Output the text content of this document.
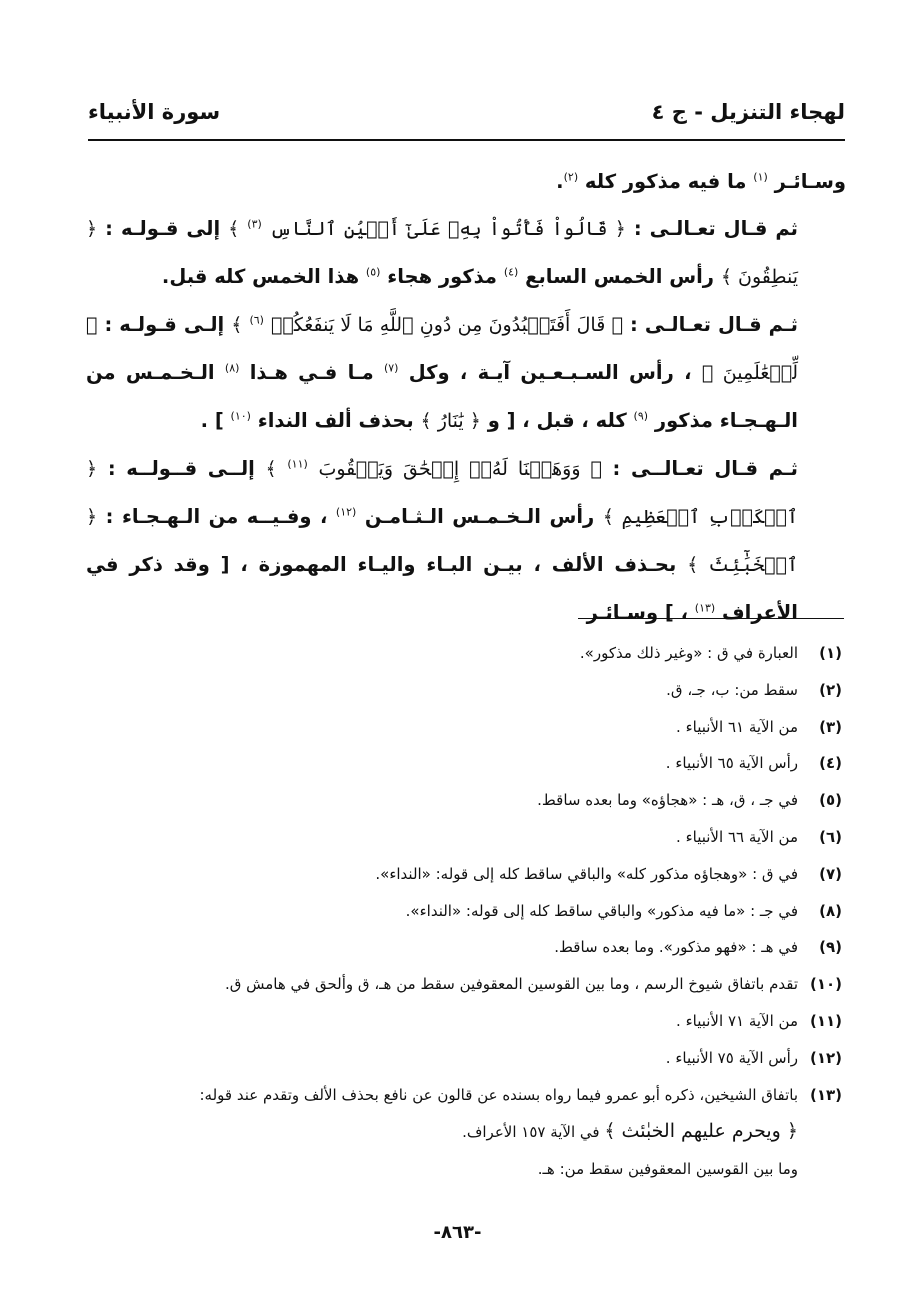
لهجاء التنزيل - ج ٤
سورة الأنبياء

وسـائـر $^{(١)}$ ما فيه مذكور كله $^{(٢)}$.

ثم قـال تعـالـى : ﴿ قَالُواْ فَأْتُواْ بِهِۦ عَلَىٰٓ أَعۡيُنِ ٱلنَّاسِ $^{(٣)}$ ﴾ إلى قـولـه : ﴿ يَنطِقُونَ ﴾ رأس الخمس السابع $^{(٤)}$ مذكور هجاء $^{(٥)}$ هذا الخمس كله قبل.

ثـم قـال تعـالـى : ﴿ قَالَ أَفَتَعۡبُدُونَ مِن دُونِ ٱللَّهِ مَا لَا يَنفَعُكُمۡ $^{(٦)}$ ﴾ إلـى قـولـه : ﴿ لِّلۡعَٰلَمِينَ ﴾ ، رأس السـبـعـين آيـة ، وكل $^{(٧)}$ مـا فـي هـذا $^{(٨)}$ الـخـمـس من الـهـجـاء مذكور $^{(٩)}$ كله ، قبل ، [ و ﴿ يَٰنَارُ ﴾ بحذف ألف النداء $^{(١٠)}$ ] .

ثـم قـال تعـالــى : ﴿ وَوَهَبۡنَا لَهُۥٓ إِسۡحَٰقَ وَيَعۡقُوبَ $^{(١١)}$ ﴾ إلــى قــولــه : ﴿ ٱلۡكَرۡبِ ٱلۡعَظِيمِ ﴾ رأس الـخـمـس الـثـامـن $^{(١٢)}$ ، وفـيــه من الـهـجـاء : ﴿ ٱلۡخَبَٰٓئِثَ ﴾ بحـذف الألف ، بيـن البـاء واليـاء المهموزة ، [ وقد ذكر في الأعراف $^{(١٣)}$ ، ] وسـائـر

(١)
العبارة في ق : «وغير ذلك مذكور».
(٢)
سقط من: ب، جـ، ق.
(٣)
من الآية ٦١ الأنبياء .
(٤)
رأس الآية ٦٥ الأنبياء .
(٥)
في جـ ، ق، هـ : «هجاؤه» وما بعده ساقط.
(٦)
من الآية ٦٦ الأنبياء .
(٧)
في ق : «وهجاؤه مذكور كله» والباقي ساقط كله إلى قوله: «النداء».
(٨)
في جـ : «ما فيه مذكور» والباقي ساقط كله إلى قوله: «النداء».
(٩)
في هـ : «فهو مذكور». وما بعده ساقط.
(١٠)
تقدم باتفاق شيوخ الرسم ، وما بين القوسين المعقوفين سقط من هـ، ق وألحق في هامش ق.
(١١)
من الآية ٧١ الأنبياء .
(١٢)
رأس الآية ٧٥ الأنبياء .
(١٣)
باتفاق الشيخين، ذكره أبو عمرو فيما رواه بسنده عن قالون عن نافع بحذف الألف وتقدم عند قوله:
﴿ ويحرم عليهم الخبٰئث ﴾ في الآية ١٥٧ الأعراف.
وما بين القوسين المعقوفين سقط من: هـ.
-٨٦٣-
